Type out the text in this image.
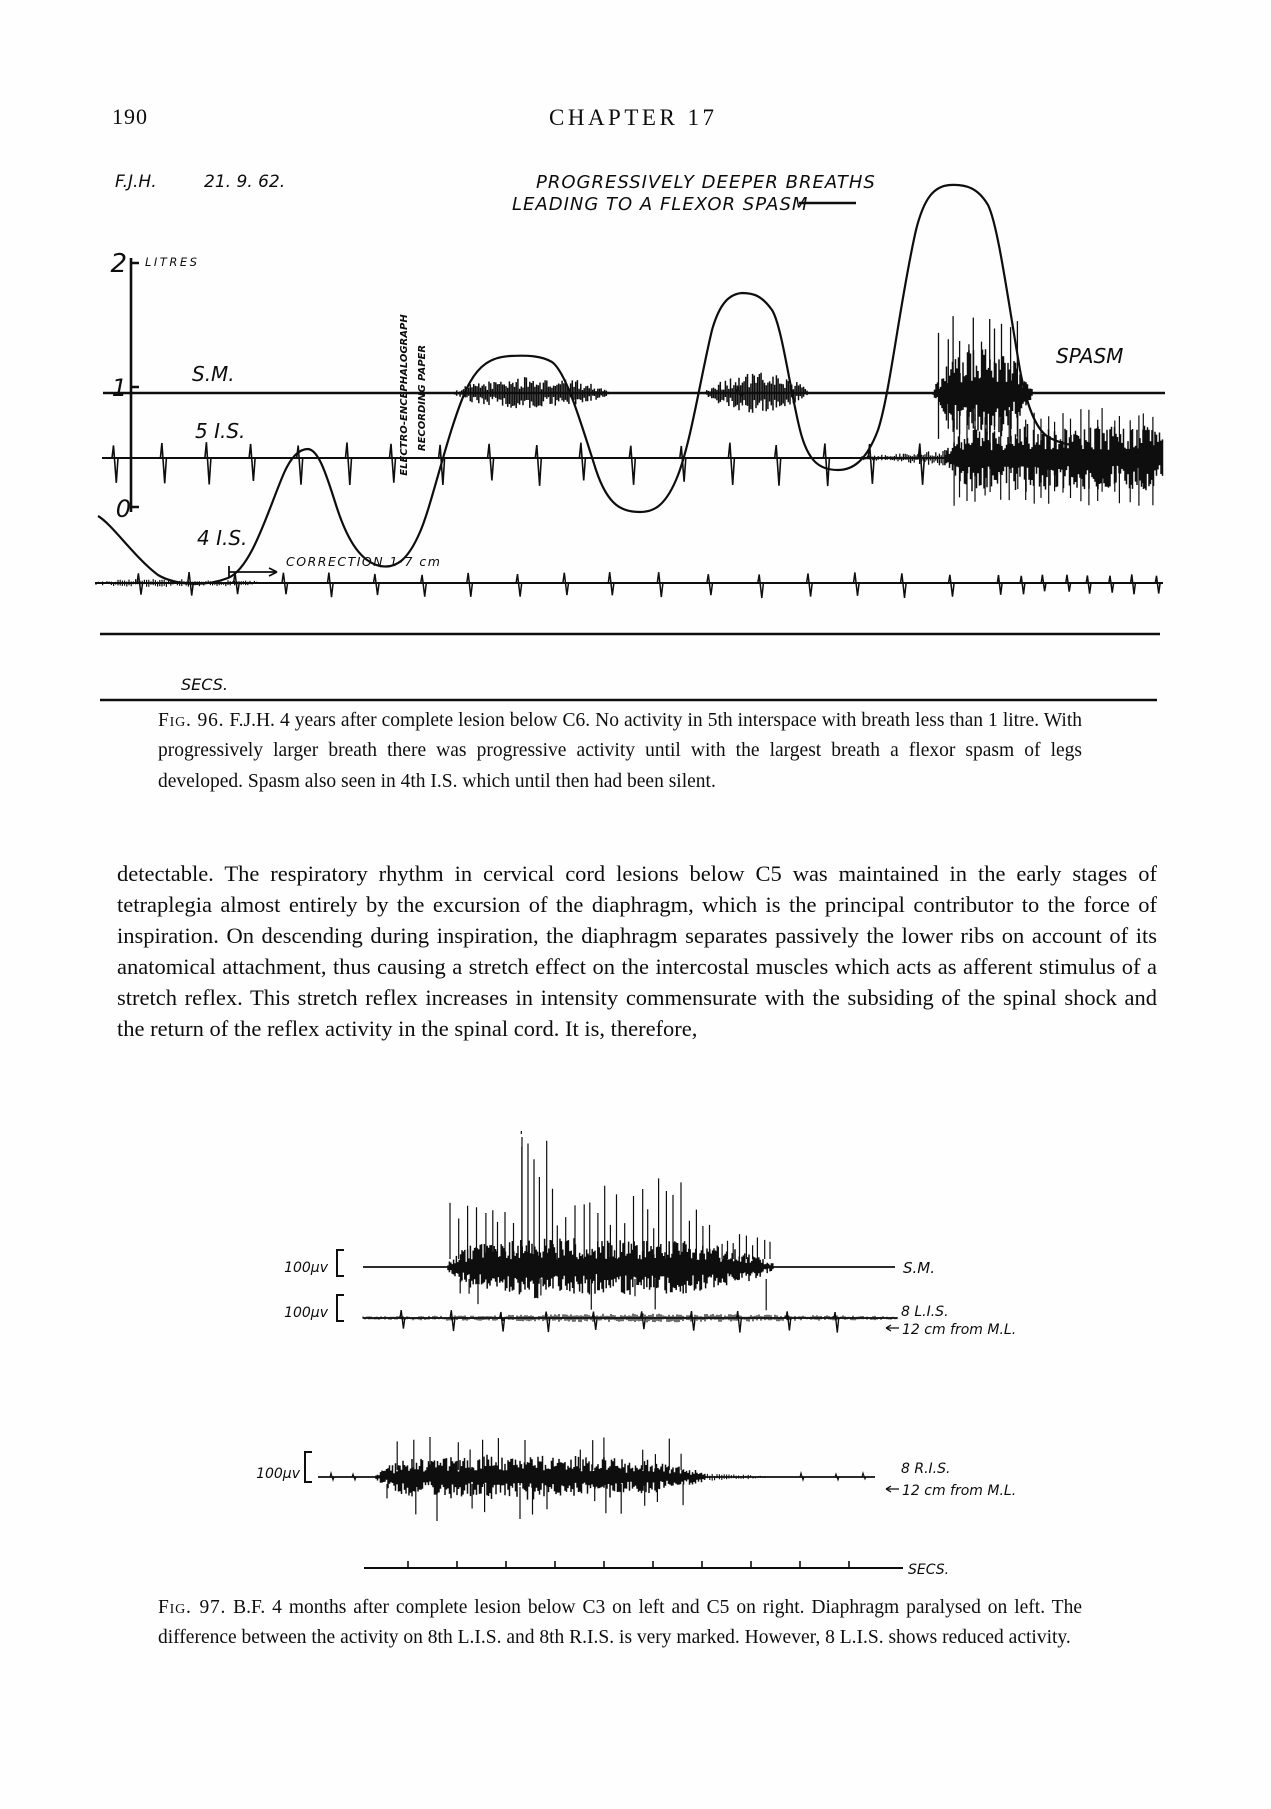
190	CHAPTER 17
F.J.H.	21. 9. 62.	PROGRESSIVELY DEEPER BREATHS
LEADING TO A FLEXOR SPASM
2 LITRES
1
0
S.M.
5 I.S.
4 I.S.
SPASM
ELECTRO-ENCEPHALOGRAPH RECORDING PAPER
CORRECTION 1·7 cm
SECS.
Fig. 96. F.J.H. 4 years after complete lesion below C6. No activity in 5th interspace with breath less than 1 litre. With progressively larger breath there was progressive activity until with the largest breath a flexor spasm of legs developed. Spasm also seen in 4th I.S. which until then had been silent.
detectable. The respiratory rhythm in cervical cord lesions below C5 was maintained in the early stages of tetraplegia almost entirely by the excursion of the diaphragm, which is the principal contributor to the force of inspiration. On descending during inspiration, the diaphragm separates passively the lower ribs on account of its anatomical attachment, thus causing a stretch effect on the intercostal muscles which acts as afferent stimulus of a stretch reflex. This stretch reflex increases in intensity commensurate with the subsiding of the spinal shock and the return of the reflex activity in the spinal cord. It is, therefore,
100μv	S.M.
100μv	8 L.I.S.
12 cm from M.L.
100μv	8 R.I.S.
12 cm from M.L.
SECS.
Fig. 97. B.F. 4 months after complete lesion below C3 on left and C5 on right. Diaphragm paralysed on left. The difference between the activity on 8th L.I.S. and 8th R.I.S. is very marked. However, 8 L.I.S. shows reduced activity.
